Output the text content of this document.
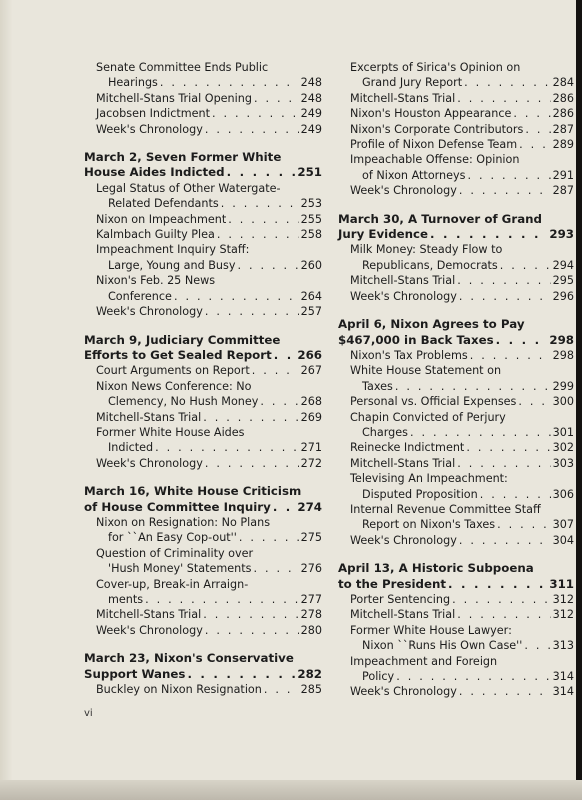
Senate Committee Ends Public
Hearings . . .	248
Mitchell-Stans Trial Opening . . .	248
Jacobsen Indictment . . .	249
Week's Chronology . . .	249
March 2, Seven Former White
House Aides Indicted . . .	251
Legal Status of Other Watergate-
Related Defendants . . .	253
Nixon on Impeachment . . .	255
Kalmbach Guilty Plea . . .	258
Impeachment Inquiry Staff:
Large, Young and Busy . . .	260
Nixon's Feb. 25 News
Conference . . .	264
Week's Chronology . . .	257
March 9, Judiciary Committee
Efforts to Get Sealed Report . . . 266
Court Arguments on Report . . .	267
Nixon News Conference: No
Clemency, No Hush Money . . .	268
Mitchell-Stans Trial . . .	269
Former White House Aides
Indicted . . .	271
Week's Chronology . . .	272
March 16, White House Criticism
of House Committee Inquiry . . . 274
Nixon on Resignation: No Plans
for ``An Easy Cop-out'' . . .	275
Question of Criminality over
'Hush Money' Statements . . .	276
Cover-up, Break-in Arraign-
ments . . .	277
Mitchell-Stans Trial . . .	278
Week's Chronology . . .	280
March 23, Nixon's Conservative
Support Wanes . . .	282
Buckley on Nixon Resignation . . .	285
Excerpts of Sirica's Opinion on
Grand Jury Report . . .	284
Mitchell-Stans Trial . . .	286
Nixon's Houston Appearance . . .	286
Nixon's Corporate Contributors . . .	287
Profile of Nixon Defense Team . . .	289
Impeachable Offense: Opinion
of Nixon Attorneys . . .	291
Week's Chronology . . .	287
March 30, A Turnover of Grand
Jury Evidence . . .	293
Milk Money: Steady Flow to
Republicans, Democrats . . .	294
Mitchell-Stans Trial . . .	295
Week's Chronology . . .	296
April 6, Nixon Agrees to Pay
$467,000 in Back Taxes . . .	298
Nixon's Tax Problems . . .	298
White House Statement on
Taxes . . .	299
Personal vs. Official Expenses . . .	300
Chapin Convicted of Perjury
Charges . . .	301
Reinecke Indictment . . .	302
Mitchell-Stans Trial . . .	303
Televising An Impeachment:
Disputed Proposition . . .	306
Internal Revenue Committee Staff
Report on Nixon's Taxes . . .	307
Week's Chronology . . .	304
April 13, A Historic Subpoena
to the President . . .	311
Porter Sentencing . . .	312
Mitchell-Stans Trial . . .	312
Former White House Lawyer:
Nixon ``Runs His Own Case'' . . .	313
Impeachment and Foreign
Policy . . .	314
Week's Chronology . . .	314
vi
